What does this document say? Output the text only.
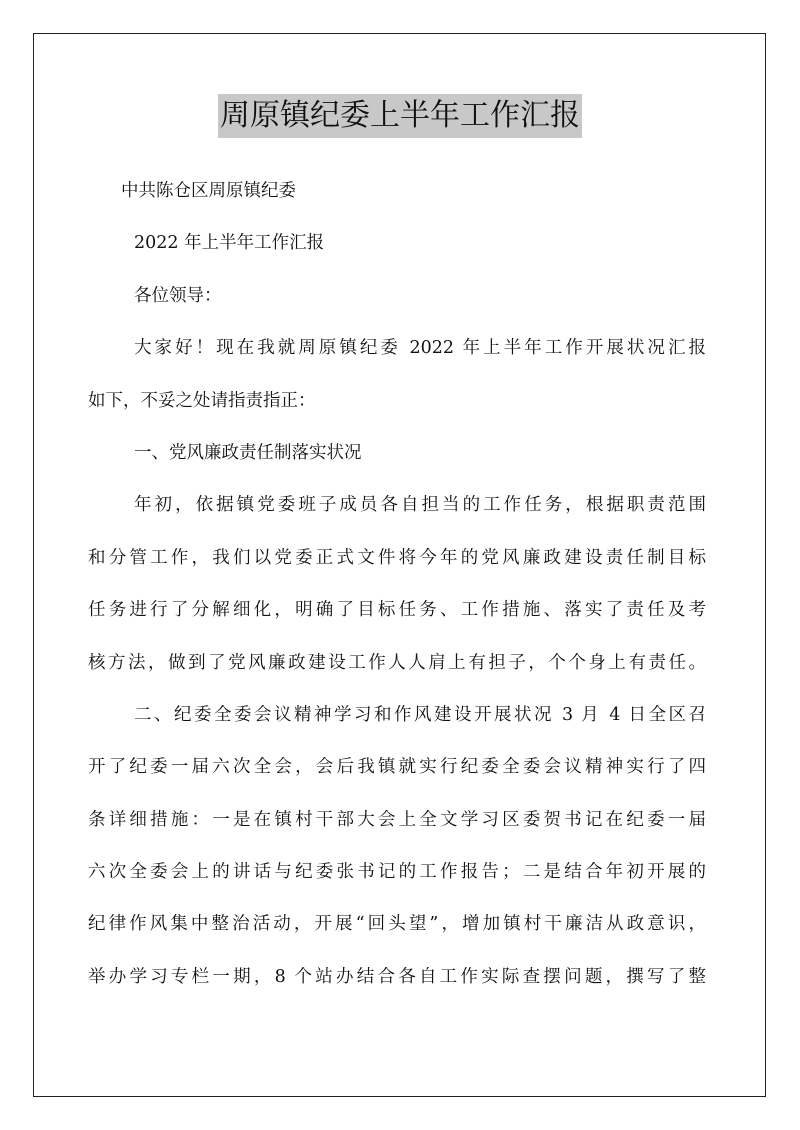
周原镇纪委上半年工作汇报
中共陈仓区周原镇纪委
2022 年上半年工作汇报
各位领导：
大家好！现在我就周原镇纪委 2022 年上半年工作开展状况汇报
如下，不妥之处请指责指正：
一、党风廉政责任制落实状况
年初，依据镇党委班子成员各自担当的工作任务，根据职责范围
和分管工作，我们以党委正式文件将今年的党风廉政建设责任制目标
任务进行了分解细化，明确了目标任务、工作措施、落实了责任及考
核方法，做到了党风廉政建设工作人人肩上有担子，个个身上有责任。
二、纪委全委会议精神学习和作风建设开展状况 3 月 4 日全区召
开了纪委一届六次全会，会后我镇就实行纪委全委会议精神实行了四
条详细措施：一是在镇村干部大会上全文学习区委贺书记在纪委一届
六次全委会上的讲话与纪委张书记的工作报告；二是结合年初开展的
纪律作风集中整治活动，开展“回头望”，增加镇村干廉洁从政意识，
举办学习专栏一期，8 个站办结合各自工作实际查摆问题，撰写了整
